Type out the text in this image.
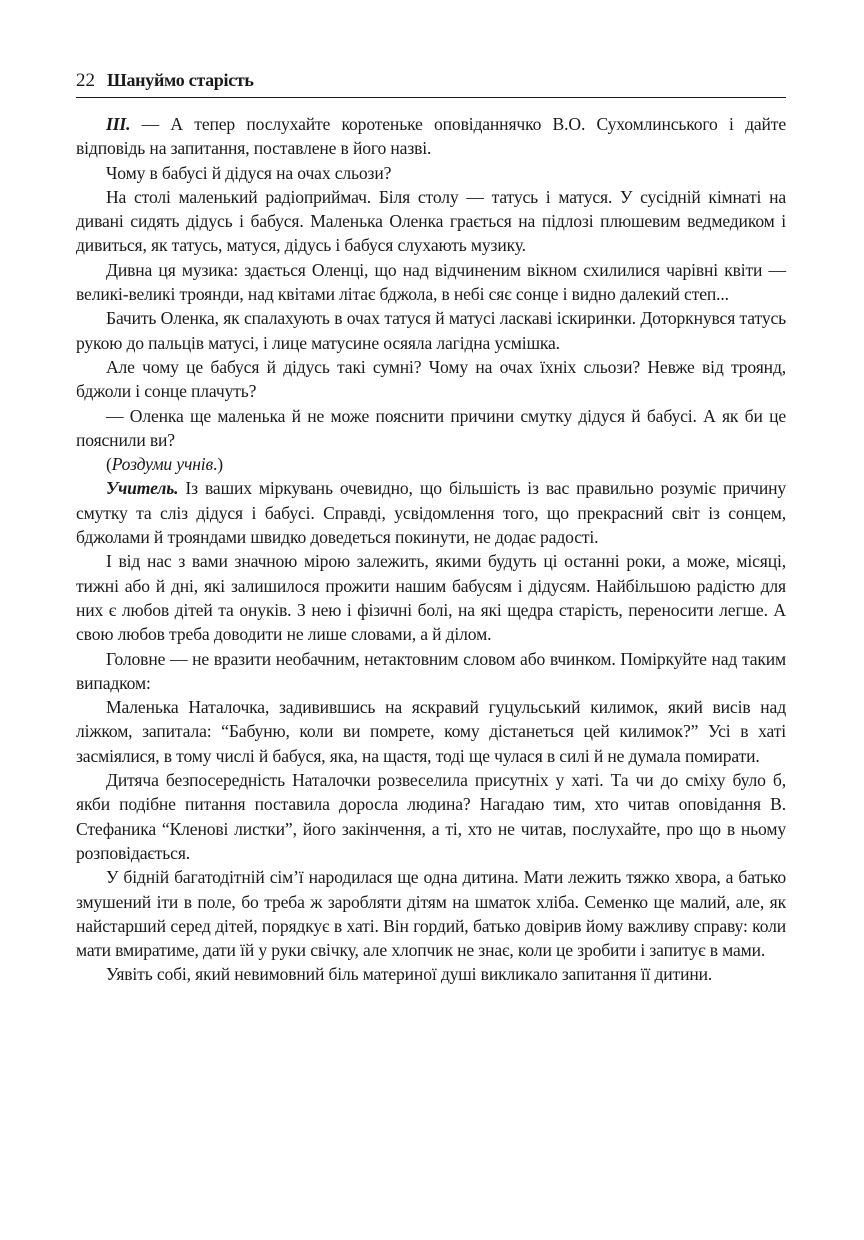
22 Шануймо старість

III. — А тепер послухайте коротеньке оповіданнячко В.О. Сухомлинського і дайте відповідь на запитання, поставлене в його назві.

Чому в бабусі й дідуся на очах сльози?

На столі маленький радіоприймач. Біля столу — татусь і матуся. У сусідній кімнаті на дивані сидять дідусь і бабуся. Маленька Оленка грається на підлозі плюшевим ведмедиком і дивиться, як татусь, матуся, дідусь і бабуся слухають музику.

Дивна ця музика: здається Оленці, що над відчиненим вікном схилилися чарівні квіти — великі-великі троянди, над квітами літає бджола, в небі сяє сонце і видно далекий степ...

Бачить Оленка, як спалахують в очах татуся й матусі ласкаві іскиринки. Доторкнувся татусь рукою до пальців матусі, і лице матусине осяяла лагідна усмішка.

Але чому це бабуся й дідусь такі сумні? Чому на очах їхніх сльози? Невже від троянд, бджоли і сонце плачуть?

— Оленка ще маленька й не може пояснити причини смутку дідуся й бабусі. А як би це пояснили ви?

(Роздуми учнів.)

Учитель. Із ваших міркувань очевидно, що більшість із вас правильно розуміє причину смутку та сліз дідуся і бабусі. Справді, усвідомлення того, що прекрасний світ із сонцем, бджолами й трояндами швидко доведеться покинути, не додає радості.

І від нас з вами значною мірою залежить, якими будуть ці останні роки, а може, місяці, тижні або й дні, які залишилося прожити нашим бабусям і дідусям. Найбільшою радістю для них є любов дітей та онуків. З нею і фізичні болі, на які щедра старість, переносити легше. А свою любов треба доводити не лише словами, а й ділом.

Головне — не вразити необачним, нетактовним словом або вчинком. Поміркуйте над таким випадком:

Маленька Наталочка, задивившись на яскравий гуцульський килимок, який висів над ліжком, запитала: “Бабуню, коли ви помрете, кому дістанеться цей килимок?” Усі в хаті засміялися, в тому числі й бабуся, яка, на щастя, тоді ще чулася в силі й не думала помирати.

Дитяча безпосередність Наталочки розвеселила присутніх у хаті. Та чи до сміху було б, якби подібне питання поставила доросла людина? Нагадаю тим, хто читав оповідання В. Стефаника “Кленові листки”, його закінчення, а ті, хто не читав, послухайте, про що в ньому розповідається.

У бідній багатодітній сім’ї народилася ще одна дитина. Мати лежить тяжко хвора, а батько змушений іти в поле, бо треба ж заробляти дітям на шматок хліба. Семенко ще малий, але, як найстарший серед дітей, порядкує в хаті. Він гордий, батько довірив йому важливу справу: коли мати вмиратиме, дати їй у руки свічку, але хлопчик не знає, коли це зробити і запитує в мами.

Уявіть собі, який невимовний біль материної душі викликало запитання її дитини.
